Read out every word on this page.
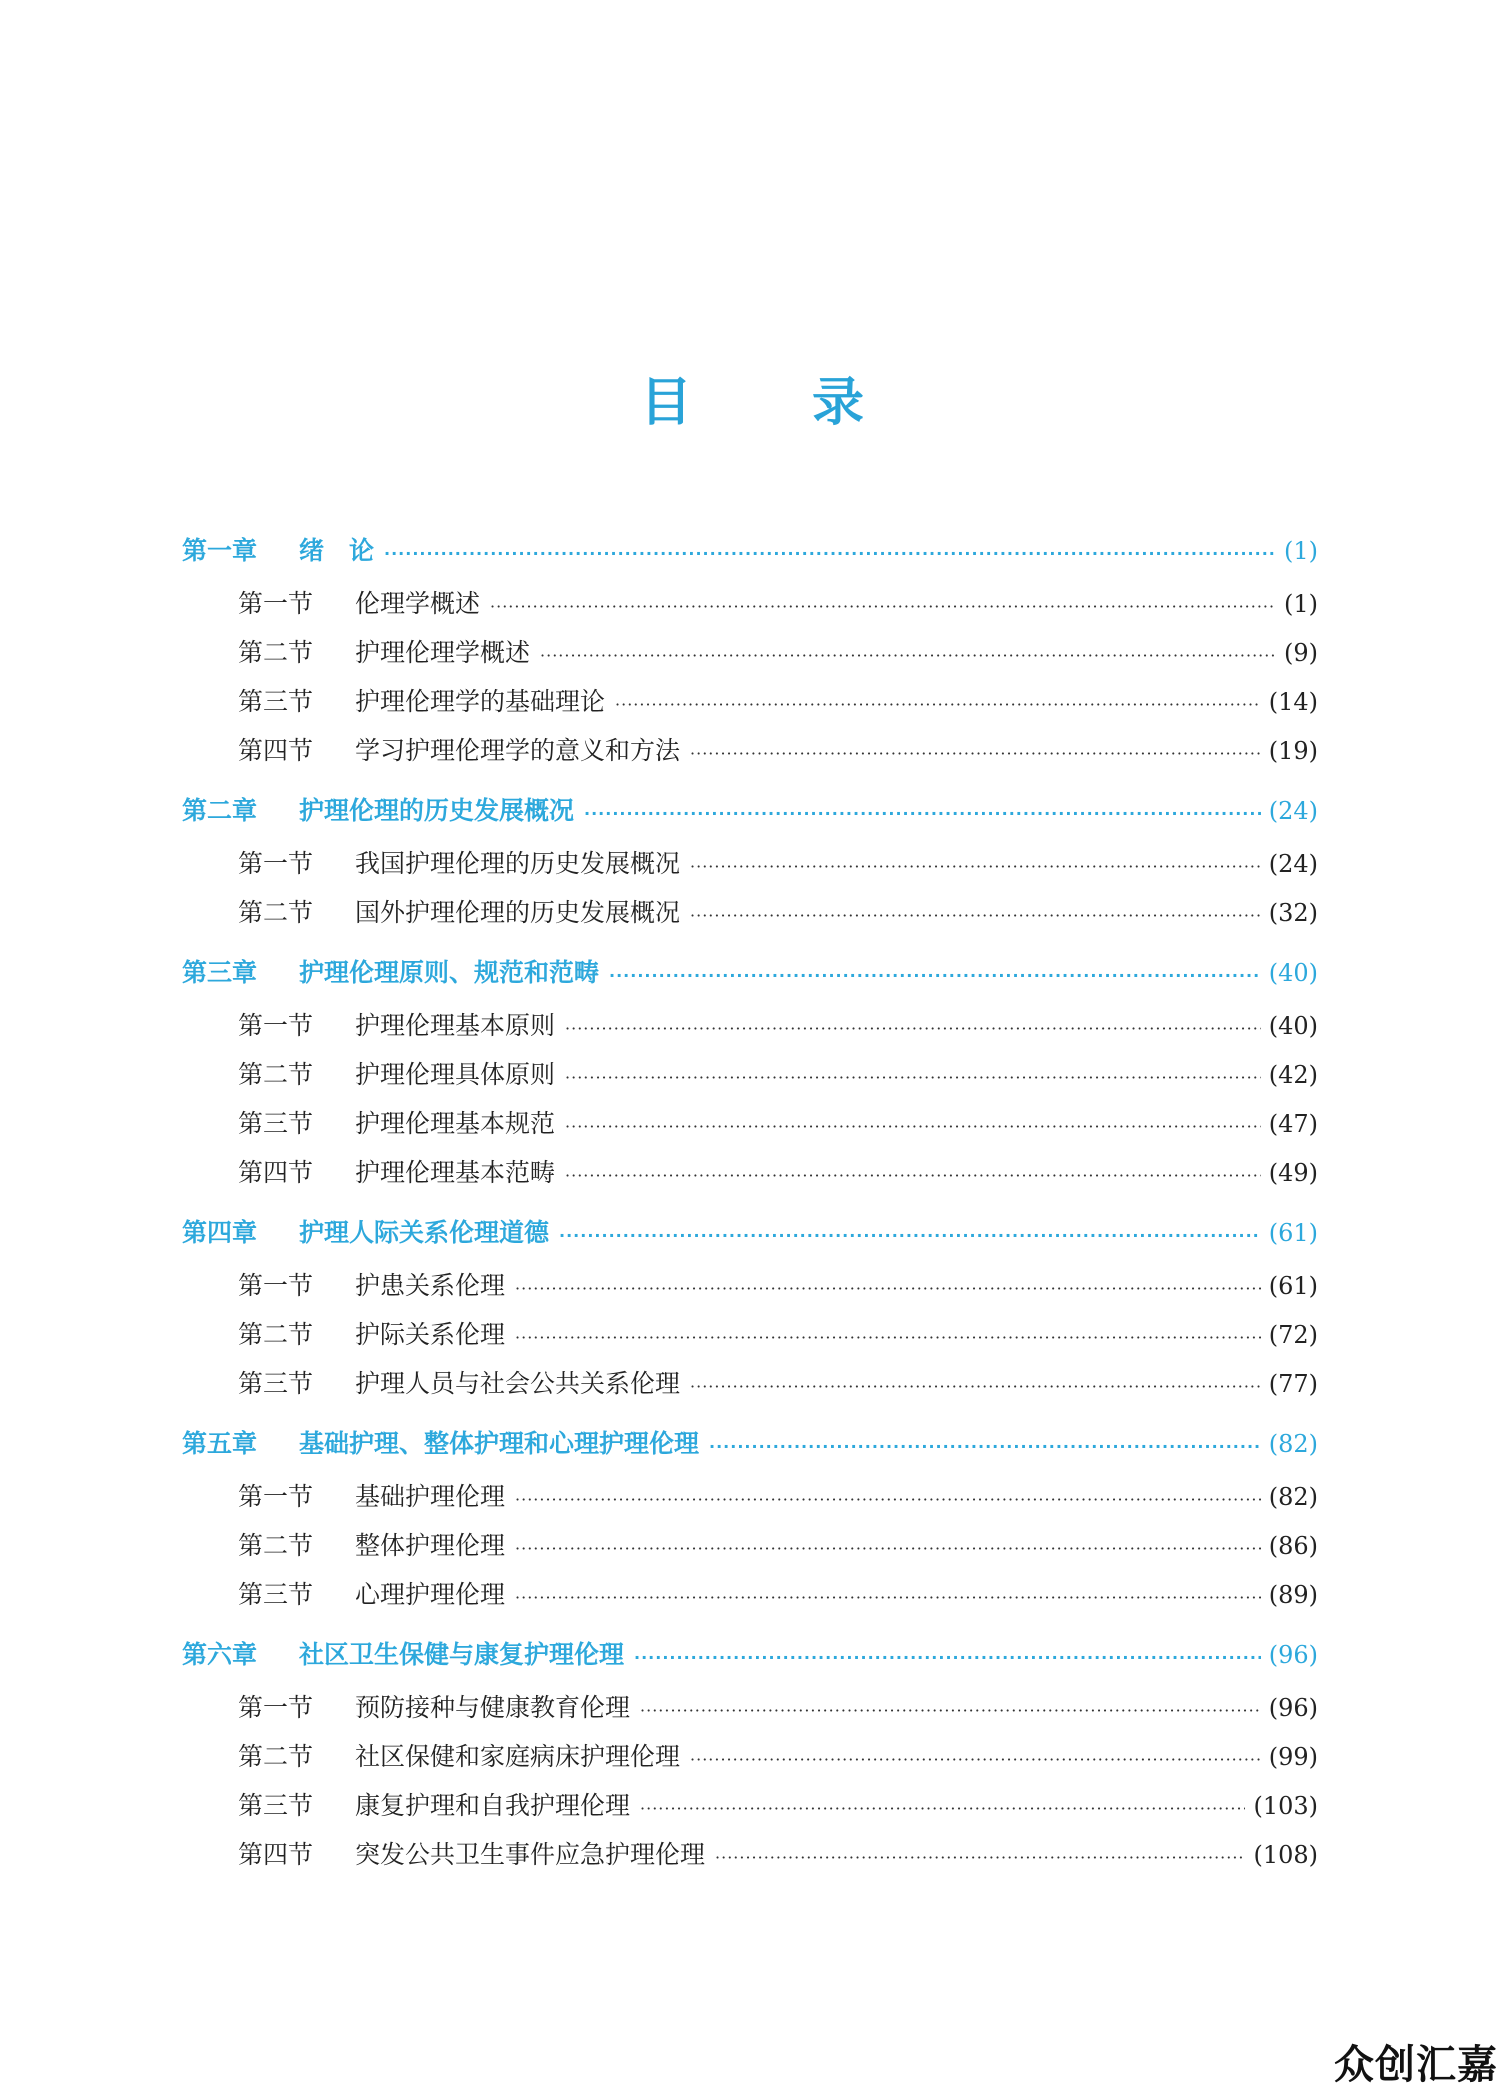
目 录
第一章	绪　论 ·····	(1)
第一节	伦理学概述 ·····	(1)
第二节	护理伦理学概述 ·····	(9)
第三节	护理伦理学的基础理论 ·····	(14)
第四节	学习护理伦理学的意义和方法 ·····	(19)
第二章	护理伦理的历史发展概况 ·····	(24)
第一节	我国护理伦理的历史发展概况 ·····	(24)
第二节	国外护理伦理的历史发展概况 ·····	(32)
第三章	护理伦理原则、规范和范畴 ·····	(40)
第一节	护理伦理基本原则 ·····	(40)
第二节	护理伦理具体原则 ·····	(42)
第三节	护理伦理基本规范 ·····	(47)
第四节	护理伦理基本范畴 ·····	(49)
第四章	护理人际关系伦理道德 ·····	(61)
第一节	护患关系伦理 ·····	(61)
第二节	护际关系伦理 ·····	(72)
第三节	护理人员与社会公共关系伦理 ·····	(77)
第五章	基础护理、整体护理和心理护理伦理 ·····	(82)
第一节	基础护理伦理 ·····	(82)
第二节	整体护理伦理 ·····	(86)
第三节	心理护理伦理 ·····	(89)
第六章	社区卫生保健与康复护理伦理 ·····	(96)
第一节	预防接种与健康教育伦理 ·····	(96)
第二节	社区保健和家庭病床护理伦理 ·····	(99)
第三节	康复护理和自我护理伦理 ·····	(103)
第四节	突发公共卫生事件应急护理伦理 ·····	(108)
众创汇嘉
